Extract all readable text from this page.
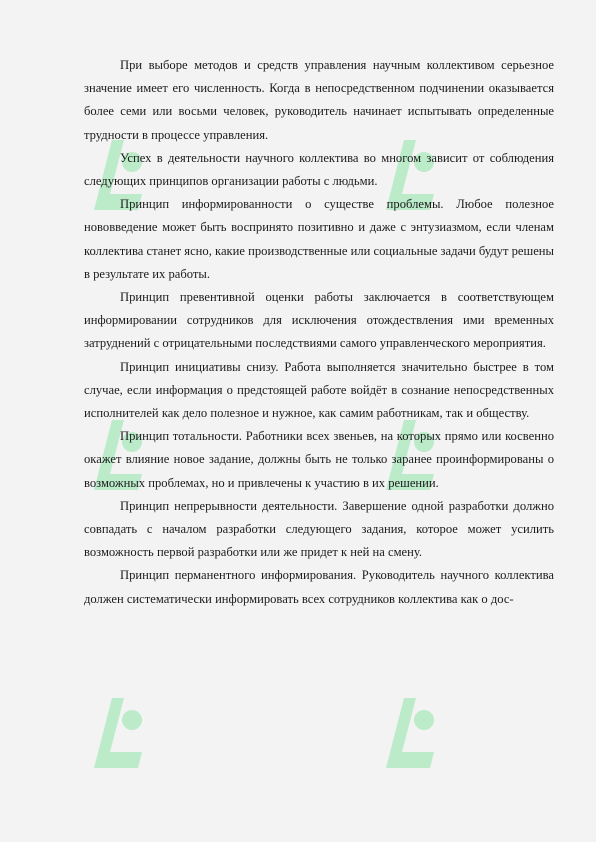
При выборе методов и средств управления научным коллективом серьезное значение имеет его численность. Когда в непосредственном подчинении оказывается более семи или восьми человек, руководитель начинает испытывать определенные трудности в процессе управления.

Успех в деятельности научного коллектива во многом зависит от соблюдения следующих принципов организации работы с людьми.

Принцип информированности о существе проблемы. Любое полезное нововведение может быть воспринято позитивно и даже с энтузиазмом, если членам коллектива станет ясно, какие производственные или социальные задачи будут решены в результате их работы.

Принцип превентивной оценки работы заключается в соответствующем информировании сотрудников для исключения отождествления ими временных затруднений с отрицательными последствиями самого управленческого мероприятия.

Принцип инициативы снизу. Работа выполняется значительно быстрее в том случае, если информация о предстоящей работе войдёт в сознание непосредственных исполнителей как дело полезное и нужное, как самим работникам, так и обществу.

Принцип тотальности. Работники всех звеньев, на которых прямо или косвенно окажет влияние новое задание, должны быть не только заранее проинформированы о возможных проблемах, но и привлечены к участию в их решении.

Принцип непрерывности деятельности. Завершение одной разработки должно совпадать с началом разработки следующего задания, которое может усилить возможность первой разработки или же придет к ней на смену.

Принцип перманентного информирования. Руководитель научного коллектива должен систематически информировать всех сотрудников коллектива как о дос-
